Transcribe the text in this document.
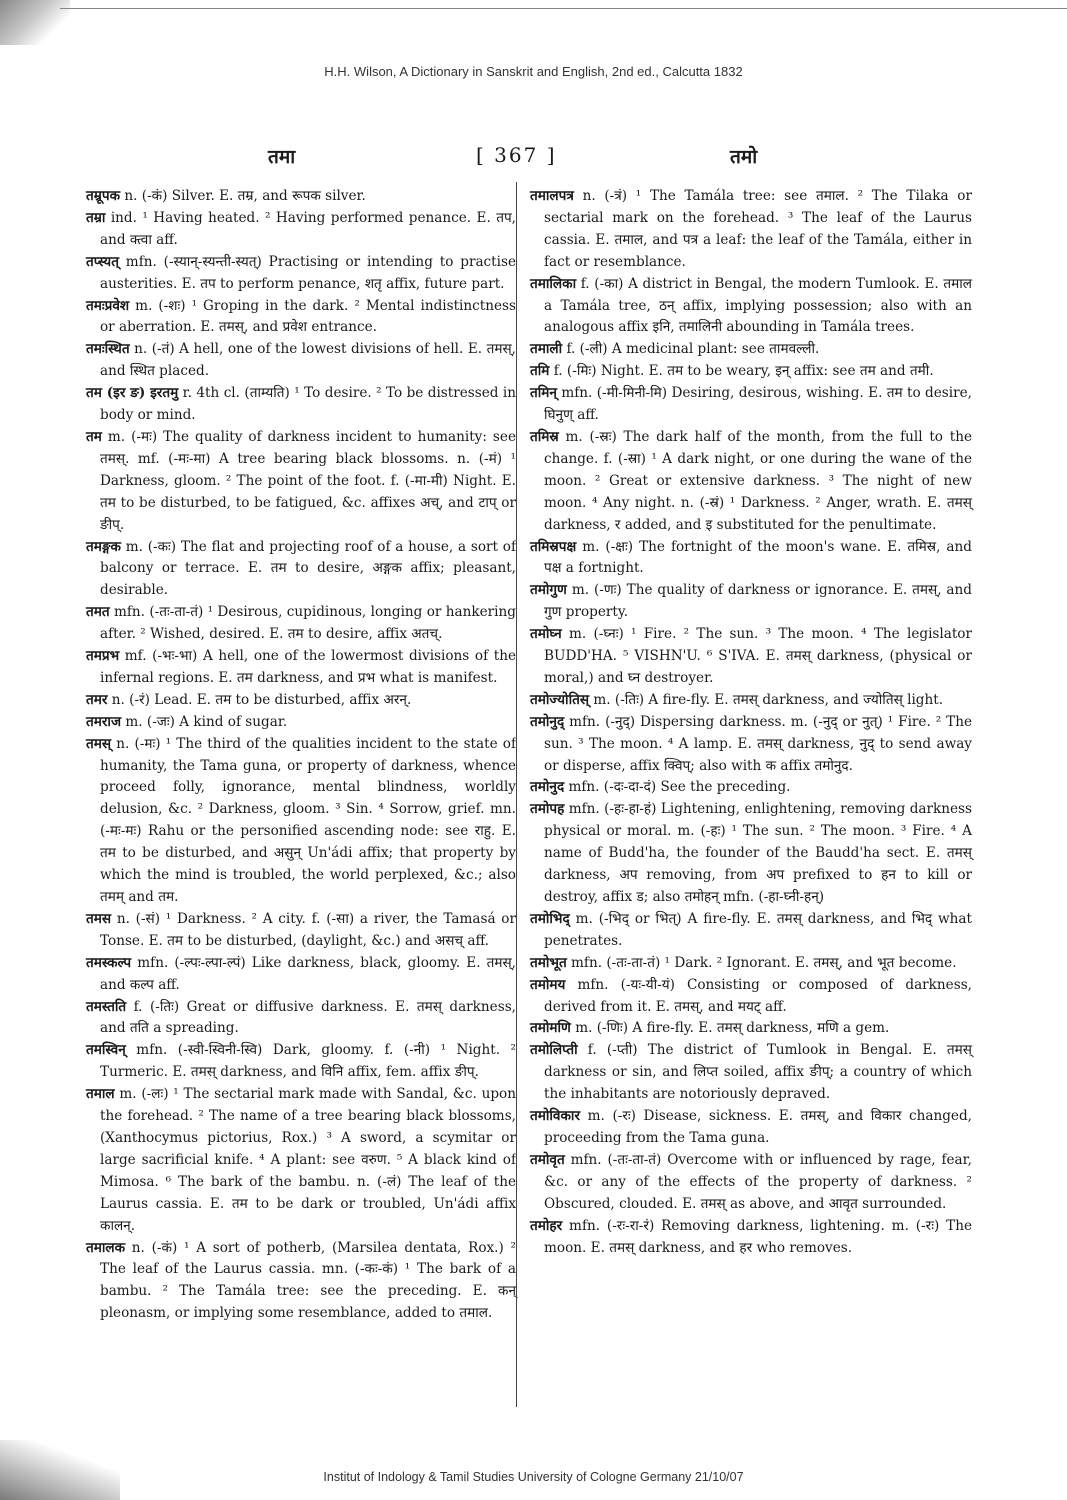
H.H. Wilson, A Dictionary in Sanskrit and English, 2nd ed., Calcutta 1832
तमा	[ 367 ]	तमो

तम्रूपक n. (-कं) Silver. E. तम्र, and रूपक silver.

तम्रा ind. ¹ Having heated. ² Having performed penance. E. तप, and क्त्वा aff.

तप्स्यत् mfn. (-स्यान्-स्यन्ती-स्यत्) Practising or intending to practise austerities. E. तप to perform penance, शतृ affix, future part.

तमःप्रवेश m. (-शः) ¹ Groping in the dark. ² Mental indistinctness or aberration. E. तमस्, and प्रवेश entrance.

तमःस्थित n. (-तं) A hell, one of the lowest divisions of hell. E. तमस्, and स्थित placed.

तम (इर ङ) इरतमु r. 4th cl. (ताम्यति) ¹ To desire. ² To be distressed in body or mind.

तम m. (-मः) The quality of darkness incident to humanity: see तमस्. mf. (-मः-मा) A tree bearing black blossoms. n. (-मं) ¹ Darkness, gloom. ² The point of the foot. f. (-मा-मी) Night. E. तम to be disturbed, to be fatigued, &c. affixes अच्, and टाप् or ङीप्.

तमङ्गक m. (-कः) The flat and projecting roof of a house, a sort of balcony or terrace. E. तम to desire, अङ्गक affix; pleasant, desirable.

तमत mfn. (-तः-ता-तं) ¹ Desirous, cupidinous, longing or hankering after. ² Wished, desired. E. तम to desire, affix अतच्.

तमप्रभ mf. (-भः-भा) A hell, one of the lowermost divisions of the infernal regions. E. तम darkness, and प्रभ what is manifest.

तमर n. (-रं) Lead. E. तम to be disturbed, affix अरन्.

तमराज m. (-जः) A kind of sugar.

तमस् n. (-मः) ¹ The third of the qualities incident to the state of humanity, the Tama guna, or property of darkness, whence proceed folly, ignorance, mental blindness, worldly delusion, &c. ² Darkness, gloom. ³ Sin. ⁴ Sorrow, grief. mn. (-मः-मः) Rahu or the personified ascending node: see राहु. E. तम to be disturbed, and असुन् Un'ádi affix; that property by which the mind is troubled, the world perplexed, &c.; also तमम् and तम.

तमस n. (-सं) ¹ Darkness. ² A city. f. (-सा) a river, the Tamasá or Tonse. E. तम to be disturbed, (daylight, &c.) and असच् aff.

तमस्कल्प mfn. (-ल्पः-ल्पा-ल्पं) Like darkness, black, gloomy. E. तमस्, and कल्प aff.

तमस्तति f. (-तिः) Great or diffusive darkness. E. तमस् darkness, and तति a spreading.

तमस्विन् mfn. (-स्वी-स्विनी-स्वि) Dark, gloomy. f. (-नी) ¹ Night. ² Turmeric. E. तमस् darkness, and विनि affix, fem. affix ङीप्.

तमाल m. (-लः) ¹ The sectarial mark made with Sandal, &c. upon the forehead. ² The name of a tree bearing black blossoms, (Xanthocymus pictorius, Rox.) ³ A sword, a scymitar or large sacrificial knife. ⁴ A plant: see वरुण. ⁵ A black kind of Mimosa. ⁶ The bark of the bambu. n. (-लं) The leaf of the Laurus cassia. E. तम to be dark or troubled, Un'ádi affix कालन्.

तमालक n. (-कं) ¹ A sort of potherb, (Marsilea dentata, Rox.) ² The leaf of the Laurus cassia. mn. (-कः-कं) ¹ The bark of a bambu. ² The Tamála tree: see the preceding. E. कन् pleonasm, or implying some resemblance, added to तमाल.

तमालपत्र n. (-त्रं) ¹ The Tamála tree: see तमाल. ² The Tilaka or sectarial mark on the forehead. ³ The leaf of the Laurus cassia. E. तमाल, and पत्र a leaf: the leaf of the Tamála, either in fact or resemblance.

तमालिका f. (-का) A district in Bengal, the modern Tumlook. E. तमाल a Tamála tree, ठन् affix, implying possession; also with an analogous affix इनि, तमालिनी abounding in Tamála trees.

तमाली f. (-ली) A medicinal plant: see तामवल्ली.

तमि f. (-मिः) Night. E. तम to be weary, इन् affix: see तम and तमी.

तमिन् mfn. (-मी-मिनी-मि) Desiring, desirous, wishing. E. तम to desire, घिनुण् aff.

तमिस्र m. (-स्रः) The dark half of the month, from the full to the change. f. (-स्रा) ¹ A dark night, or one during the wane of the moon. ² Great or extensive darkness. ³ The night of new moon. ⁴ Any night. n. (-स्रं) ¹ Darkness. ² Anger, wrath. E. तमस् darkness, र added, and इ substituted for the penultimate.

तमिस्रपक्ष m. (-क्षः) The fortnight of the moon's wane. E. तमिस्र, and पक्ष a fortnight.

तमोगुण m. (-णः) The quality of darkness or ignorance. E. तमस्, and गुण property.

तमोघ्न m. (-घ्नः) ¹ Fire. ² The sun. ³ The moon. ⁴ The legislator BUDD'HA. ⁵ VISHN'U. ⁶ S'IVA. E. तमस् darkness, (physical or moral,) and घ्न destroyer.

तमोज्योतिस् m. (-तिः) A fire-fly. E. तमस् darkness, and ज्योतिस् light.

तमोनुद् mfn. (-नुद्) Dispersing darkness. m. (-नुद् or नुत्) ¹ Fire. ² The sun. ³ The moon. ⁴ A lamp. E. तमस् darkness, नुद् to send away or disperse, affix क्विप्; also with क affix तमोनुद.

तमोनुद mfn. (-दः-दा-दं) See the preceding.

तमोपह mfn. (-हः-हा-हं) Lightening, enlightening, removing darkness physical or moral. m. (-हः) ¹ The sun. ² The moon. ³ Fire. ⁴ A name of Budd'ha, the founder of the Baudd'ha sect. E. तमस् darkness, अप removing, from अप prefixed to हन to kill or destroy, affix ड; also तमोहन् mfn. (-हा-घ्नी-हन्)

तमोभिद् m. (-भिद् or भित्) A fire-fly. E. तमस् darkness, and भिद् what penetrates.

तमोभूत mfn. (-तः-ता-तं) ¹ Dark. ² Ignorant. E. तमस्, and भूत become.

तमोमय mfn. (-यः-यी-यं) Consisting or composed of darkness, derived from it. E. तमस्, and मयट् aff.

तमोमणि m. (-णिः) A fire-fly. E. तमस् darkness, मणि a gem.

तमोलिप्ती f. (-प्ती) The district of Tumlook in Bengal. E. तमस् darkness or sin, and लिप्त soiled, affix ङीप्; a country of which the inhabitants are notoriously depraved.

तमोविकार m. (-रः) Disease, sickness. E. तमस्, and विकार changed, proceeding from the Tama guna.

तमोवृत mfn. (-तः-ता-तं) Overcome with or influenced by rage, fear, &c. or any of the effects of the property of darkness. ² Obscured, clouded. E. तमस् as above, and आवृत surrounded.

तमोहर mfn. (-रः-रा-रं) Removing darkness, lightening. m. (-रः) The moon. E. तमस् darkness, and हर who removes.

Institut of Indology & Tamil Studies University of Cologne Germany 21/10/07
